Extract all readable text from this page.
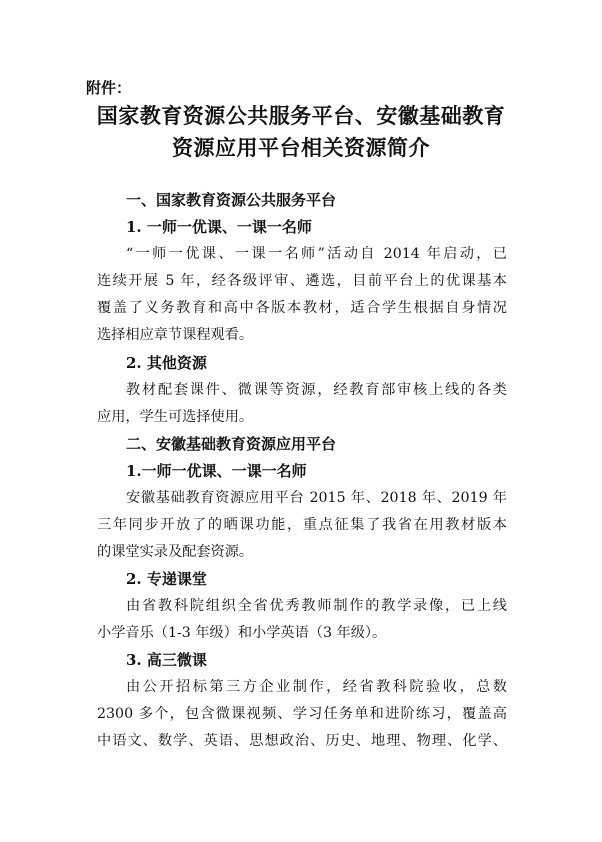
附件：
国家教育资源公共服务平台、安徽基础教育
资源应用平台相关资源简介
一、国家教育资源公共服务平台
1. 一师一优课、一课一名师
“一师一优课、一课一名师”活动自 2014 年启动，已
连续开展 5 年，经各级评审、遴选，目前平台上的优课基本
覆盖了义务教育和高中各版本教材，适合学生根据自身情况
选择相应章节课程观看。
2. 其他资源
教材配套课件、微课等资源，经教育部审核上线的各类
应用，学生可选择使用。
二、安徽基础教育资源应用平台
1.一师一优课、一课一名师
安徽基础教育资源应用平台 2015 年、2018 年、2019 年
三年同步开放了的晒课功能，重点征集了我省在用教材版本
的课堂实录及配套资源。
2. 专递课堂
由省教科院组织全省优秀教师制作的教学录像，已上线
小学音乐（1-3 年级）和小学英语（3 年级）。
3. 高三微课
由公开招标第三方企业制作，经省教科院验收，总数
2300 多个，包含微课视频、学习任务单和进阶练习，覆盖高
中语文、数学、英语、思想政治、历史、地理、物理、化学、
